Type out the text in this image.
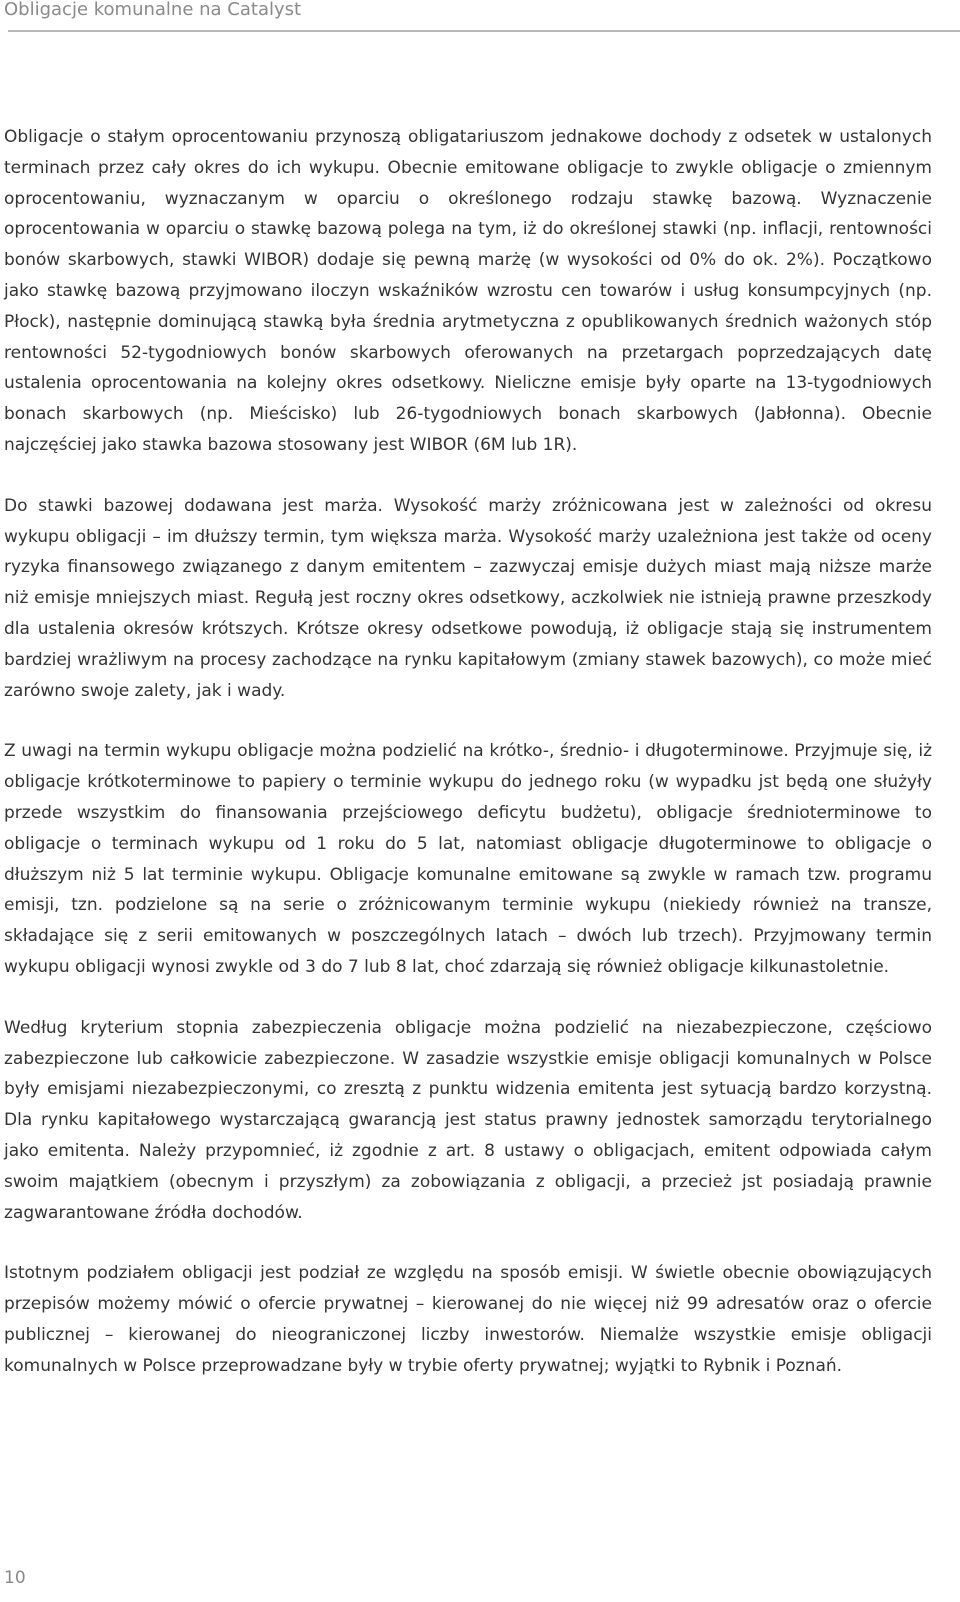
Obligacje komunalne na Catalyst

Obligacje o stałym oprocentowaniu przynoszą obligatariuszom jednakowe dochody z odsetek w ustalonych terminach przez cały okres do ich wykupu. Obecnie emitowane obligacje to zwykle obligacje o zmiennym oprocentowaniu, wyznaczanym w oparciu o określonego rodzaju stawkę bazową. Wyznaczenie oprocentowania w oparciu o stawkę bazową polega na tym, iż do określonej stawki (np. inflacji, rentowności bonów skarbowych, stawki WIBOR) dodaje się pewną marżę (w wysokości od 0% do ok. 2%). Początkowo jako stawkę bazową przyjmowano iloczyn wskaźników wzrostu cen towarów i usług konsumpcyjnych (np. Płock), następnie dominującą stawką była średnia arytmetyczna z opublikowanych średnich ważonych stóp rentowności 52-tygodniowych bonów skarbowych oferowanych na przetargach poprzedzających datę ustalenia oprocentowania na kolejny okres odsetkowy. Nieliczne emisje były oparte na 13-tygodniowych bonach skarbowych (np. Mieścisko) lub 26-tygodniowych bonach skarbowych (Jabłonna). Obecnie najczęściej jako stawka bazowa stosowany jest WIBOR (6M lub 1R).

Do stawki bazowej dodawana jest marża. Wysokość marży zróżnicowana jest w zależności od okresu wykupu obligacji – im dłuższy termin, tym większa marża. Wysokość marży uzależniona jest także od oceny ryzyka finansowego związanego z danym emitentem – zazwyczaj emisje dużych miast mają niższe marże niż emisje mniejszych miast. Regułą jest roczny okres odsetkowy, aczkolwiek nie istnieją prawne przeszkody dla ustalenia okresów krótszych. Krótsze okresy odsetkowe powodują, iż obligacje stają się instrumentem bardziej wrażliwym na procesy zachodzące na rynku kapitałowym (zmiany stawek bazowych), co może mieć zarówno swoje zalety, jak i wady.

Z uwagi na termin wykupu obligacje można podzielić na krótko-, średnio- i długoterminowe. Przyjmuje się, iż obligacje krótkoterminowe to papiery o terminie wykupu do jednego roku (w wypadku jst będą one służyły przede wszystkim do finansowania przejściowego deficytu budżetu), obligacje średnioterminowe to obligacje o terminach wykupu od 1 roku do 5 lat, natomiast obligacje długoterminowe to obligacje o dłuższym niż 5 lat terminie wykupu. Obligacje komunalne emitowane są zwykle w ramach tzw. programu emisji, tzn. podzielone są na serie o zróżnicowanym terminie wykupu (niekiedy również na transze, składające się z serii emitowanych w poszczególnych latach – dwóch lub trzech). Przyjmowany termin wykupu obligacji wynosi zwykle od 3 do 7 lub 8 lat, choć zdarzają się również obligacje kilkunastoletnie.

Według kryterium stopnia zabezpieczenia obligacje można podzielić na niezabezpieczone, częściowo zabezpieczone lub całkowicie zabezpieczone. W zasadzie wszystkie emisje obligacji komunalnych w Polsce były emisjami niezabezpieczonymi, co zresztą z punktu widzenia emitenta jest sytuacją bardzo korzystną. Dla rynku kapitałowego wystarczającą gwarancją jest status prawny jednostek samorządu terytorialnego jako emitenta. Należy przypomnieć, iż zgodnie z art. 8 ustawy o obligacjach, emitent odpowiada całym swoim majątkiem (obecnym i przyszłym) za zobowiązania z obligacji, a przecież jst posiadają prawnie zagwarantowane źródła dochodów.

Istotnym podziałem obligacji jest podział ze względu na sposób emisji. W świetle obecnie obowiązujących przepisów możemy mówić o ofercie prywatnej – kierowanej do nie więcej niż 99 adresatów oraz o ofercie publicznej – kierowanej do nieograniczonej liczby inwestorów. Niemalże wszystkie emisje obligacji komunalnych w Polsce przeprowadzane były w trybie oferty prywatnej; wyjątki to Rybnik i Poznań.

10
